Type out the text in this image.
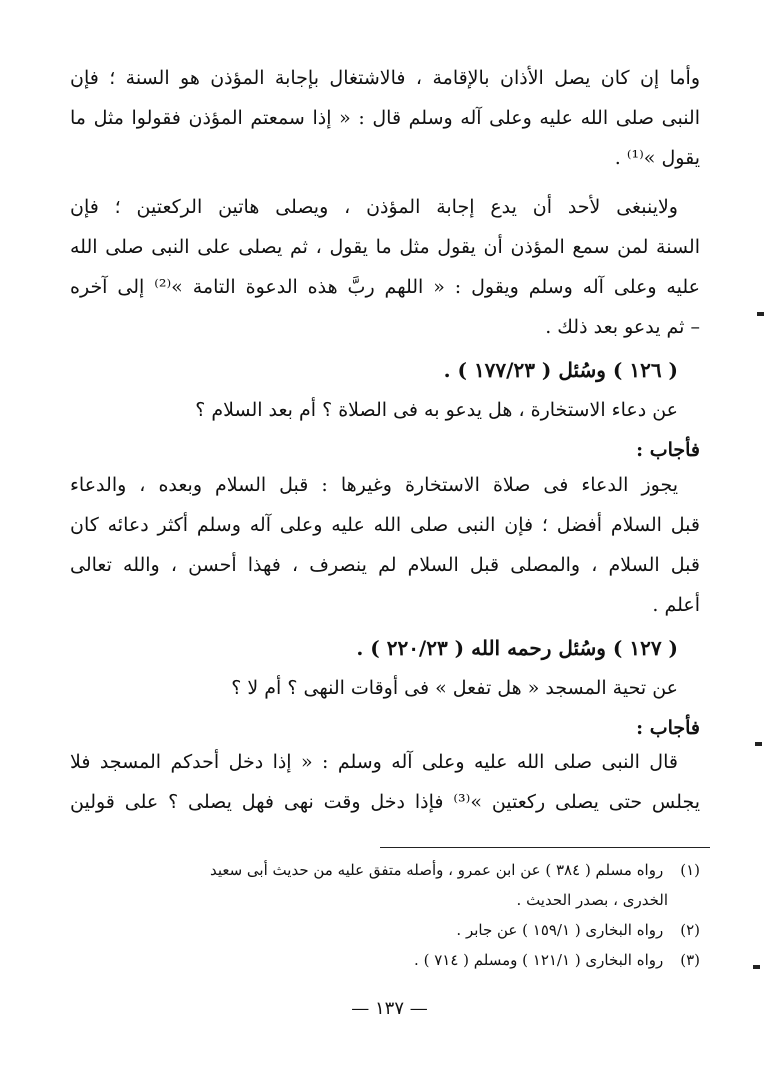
وأما إن كان يصل الأذان بالإقامة ، فالاشتغال بإجابة المؤذن هو السنة ؛ فإن
النبى صلى الله عليه وعلى آله وسلم قال : « إذا سمعتم المؤذن فقولوا مثل ما
يقول »⁽¹⁾ .
ولاينبغى لأحد أن يدع إجابة المؤذن ، ويصلى هاتين الركعتين ؛ فإن
السنة لمن سمع المؤذن أن يقول مثل ما يقول ، ثم يصلى على النبى صلى الله
عليه وعلى آله وسلم ويقول : « اللهم ربَّ هذه الدعوة التامة »⁽²⁾ إلى آخره
– ثم يدعو بعد ذلك .
( ١٢٦ ) وسُئل ( ١٧٧/٢٣ ) .
عن دعاء الاستخارة ، هل يدعو به فى الصلاة ؟ أم بعد السلام ؟
فأجاب :
يجوز الدعاء فى صلاة الاستخارة وغيرها : قبل السلام وبعده ، والدعاء
قبل السلام أفضل ؛ فإن النبى صلى الله عليه وعلى آله وسلم أكثر دعائه كان
قبل السلام ، والمصلى قبل السلام لم ينصرف ، فهذا أحسن ، والله تعالى
أعلم .
( ١٢٧ ) وسُئل رحمه الله ( ٢٢٠/٢٣ ) .
عن تحية المسجد « هل تفعل » فى أوقات النهى ؟ أم لا ؟
فأجاب :
قال النبى صلى الله عليه وعلى آله وسلم : « إذا دخل أحدكم المسجد فلا
يجلس حتى يصلى ركعتين »⁽³⁾ فإذا دخل وقت نهى فهل يصلى ؟ على قولين
(١) رواه مسلم ( ٣٨٤ ) عن ابن عمرو ، وأصله متفق عليه من حديث أبى سعيد
الخدرى ، بصدر الحديث .
(٢) رواه البخارى ( ١٥٩/١ ) عن جابر .
(٣) رواه البخارى ( ١٢١/١ ) ومسلم ( ٧١٤ ) .
— ١٣٧ —
